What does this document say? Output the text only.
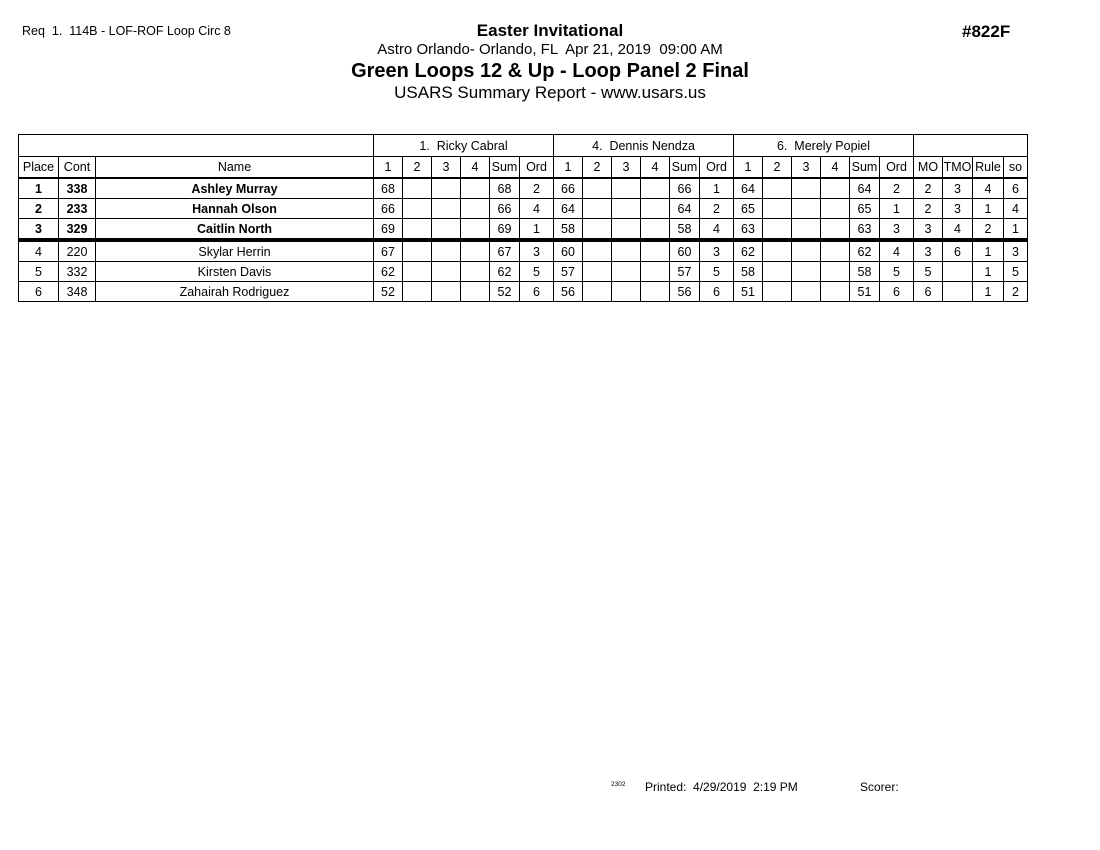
Req  1.  114B - LOF-ROF Loop Circ 8	#822F
Easter Invitational
Astro Orlando- Orlando, FL  Apr 21, 2019  09:00 AM
Green Loops 12 & Up - Loop Panel 2 Final
USARS Summary Report - www.usars.us
			1.  Ricky Cabral						4.  Dennis Nendza						6.  Merely Popiel									
Place	Cont	Name	1	2	3	4	Sum	Ord	1	2	3	4	Sum	Ord	1	2	3	4	Sum	Ord	MO	TMO	Rule	so
1	338	Ashley Murray	68				68	2	66				66	1	64				64	2	2	3	4	6
2	233	Hannah Olson	66				66	4	64				64	2	65				65	1	2	3	1	4
3	329	Caitlin North	69				69	1	58				58	4	63				63	3	3	4	2	1
4	220	Skylar Herrin	67				67	3	60				60	3	62				62	4	3	6	1	3
5	332	Kirsten Davis	62				62	5	57				57	5	58				58	5	5		1	5
6	348	Zahairah Rodriguez	52				52	6	56				56	6	51				51	6	6		1	2
2302 Printed: 4/29/2019  2:19 PM	Scorer:
